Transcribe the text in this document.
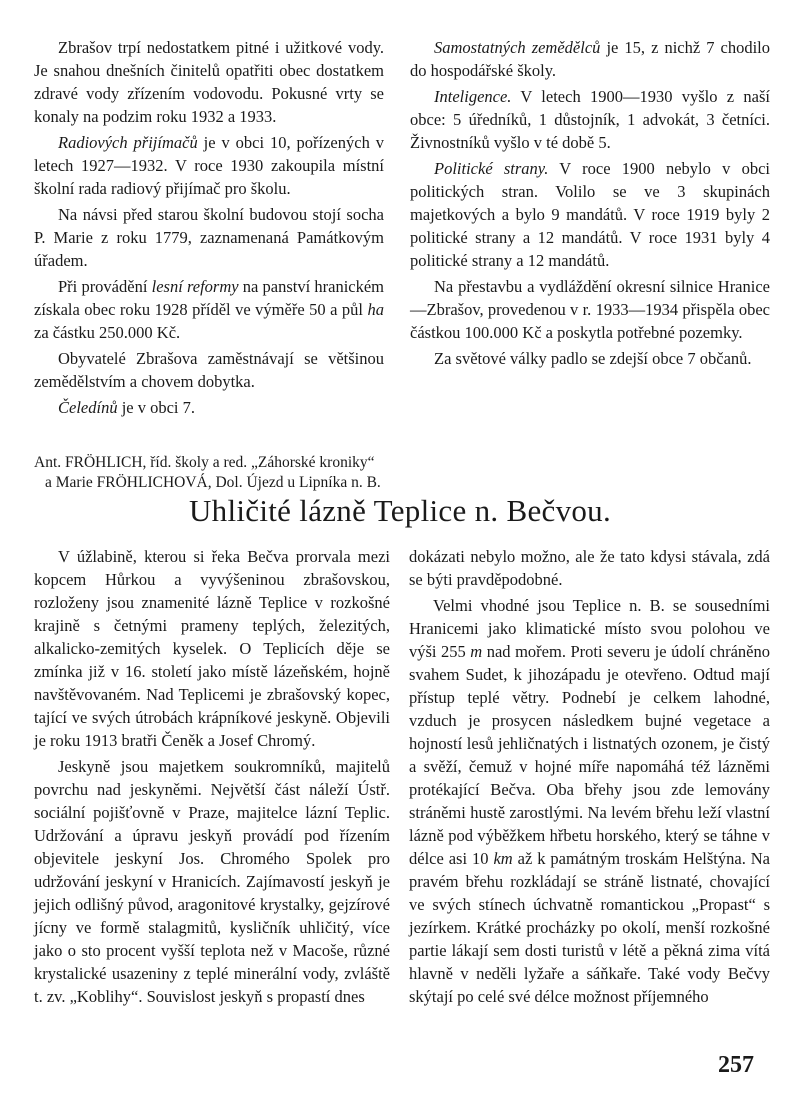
Zbrašov trpí nedostatkem pitné i užitkové vody. Je snahou dnešních činitelů opatřiti obec dostatkem zdravé vody zřízením vodovodu. Pokusné vrty se konaly na podzim roku 1932 a 1933.

Radiových přijímačů je v obci 10, pořízených v letech 1927—1932. V roce 1930 zakoupila místní školní rada radiový přijímač pro školu.

Na návsi před starou školní budovou stojí socha P. Marie z roku 1779, zaznamenaná Památkovým úřadem.

Při provádění lesní reformy na panství hranickém získala obec roku 1928 příděl ve výměře 50 a půl ha za částku 250.000 Kč.

Obyvatelé Zbrašova zaměstnávají se většinou zemědělstvím a chovem dobytka.

Čeledínů je v obci 7.

Samostatných zemědělců je 15, z nichž 7 chodilo do hospodářské školy.

Inteligence. V letech 1900—1930 vyšlo z naší obce: 5 úředníků, 1 důstojník, 1 advokát, 3 četníci. Živnostníků vyšlo v té době 5.

Politické strany. V roce 1900 nebylo v obci politických stran. Volilo se ve 3 skupinách majetkových a bylo 9 mandátů. V roce 1919 byly 2 politické strany a 12 mandátů. V roce 1931 byly 4 politické strany a 12 mandátů.

Na přestavbu a vydláždění okresní silnice Hranice—Zbrašov, provedenou v r. 1933—1934 přispěla obec částkou 100.000 Kč a poskytla potřebné pozemky.

Za světové války padlo se zdejší obce 7 občanů.

Ant. FRÖHLICH, říd. školy a red. „Záhorské kroniky“
a Marie FRÖHLICHOVÁ, Dol. Újezd u Lipníka n. B.
Uhličité lázně Teplice n. Bečvou.

V úžlabině, kterou si řeka Bečva prorvala mezi kopcem Hůrkou a vyvýšeninou zbrašovskou, rozloženy jsou znamenité lázně Teplice v rozkošné krajině s četnými prameny teplých, železitých, alkalicko-zemitých kyselek. O Teplicích děje se zmínka již v 16. století jako místě lázeňském, hojně navštěvovaném. Nad Teplicemi je zbrašovský kopec, tající ve svých útrobách krápníkové jeskyně. Objevili je roku 1913 bratři Čeněk a Josef Chromý.

Jeskyně jsou majetkem soukromníků, majitelů povrchu nad jeskyněmi. Největší část náleží Ústř. sociální pojišťovně v Praze, majitelce lázní Teplic. Udržování a úpravu jeskyň provádí pod řízením objevitele jeskyní Jos. Chromého Spolek pro udržování jeskyní v Hranicích. Zajímavostí jeskyň je jejich odlišný původ, aragonitové krystalky, gejzírové jícny ve formě stalagmitů, kysličník uhličitý, více jako o sto procent vyšší teplota než v Macoše, různé krystalické usazeniny z teplé minerální vody, zvláště t. zv. „Koblihy“. Souvislost jeskyň s propastí dnes

dokázati nebylo možno, ale že tato kdysi stávala, zdá se býti pravděpodobné.

Velmi vhodné jsou Teplice n. B. se sousedními Hranicemi jako klimatické místo svou polohou ve výši 255 m nad mořem. Proti severu je údolí chráněno svahem Sudet, k jihozápadu je otevřeno. Odtud mají přístup teplé větry. Podnebí je celkem lahodné, vzduch je prosycen následkem bujné vegetace a hojností lesů jehličnatých i listnatých ozonem, je čistý a svěží, čemuž v hojné míře napomáhá též lázněmi protékající Bečva. Oba břehy jsou zde lemovány stráněmi hustě zarostlými. Na levém břehu leží vlastní lázně pod výběžkem hřbetu horského, který se táhne v délce asi 10 km až k památným troskám Helštýna. Na pravém břehu rozkládají se stráně listnaté, chovající ve svých stínech úchvatně romantickou „Propast“ s jezírkem. Krátké procházky po okolí, menší rozkošné partie lákají sem dosti turistů v létě a pěkná zima vítá hlavně v neděli lyžaře a sáňkaře. Také vody Bečvy skýtají po celé své délce možnost příjemného

257
